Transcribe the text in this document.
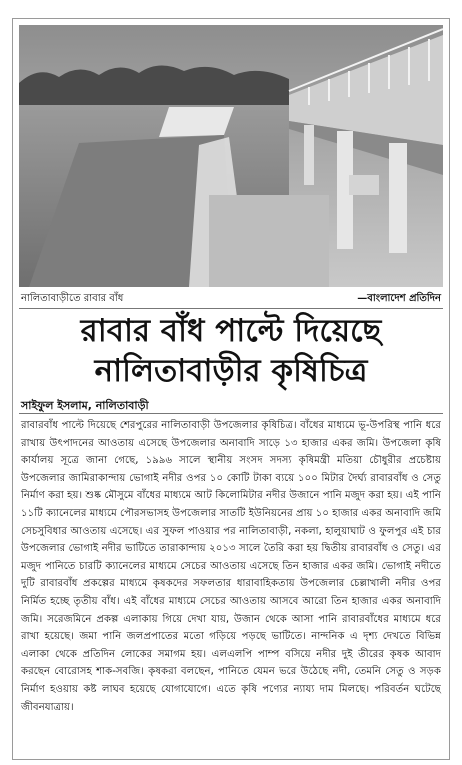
নালিতাবাড়ীতে রাবার বাঁধ	—বাংলাদেশ প্রতিদিন
রাবার বাঁধ পাল্টে দিয়েছে
নালিতাবাড়ীর কৃষিচিত্র
সাইফুল ইসলাম, নালিতাবাড়ী
রাবারবাঁধ পাল্টে দিয়েছে শেরপুরের নালিতাবাড়ী উপজেলার কৃষিচিত্র। বাঁধের মাধ্যমে ভূ-উপরিস্থ পানি ধরে রাখায় উৎপাদনের আওতায় এসেছে উপজেলার অনাবাদি সাড়ে ১৩ হাজার একর জমি। উপজেলা কৃষি কার্যালয় সূত্রে জানা গেছে, ১৯৯৬ সালে স্থানীয় সংসদ সদস্য কৃষিমন্ত্রী মতিয়া চৌধুরীর প্রচেষ্টায় উপজেলার জামিরাকান্দায় ভোগাই নদীর ওপর ১০ কোটি টাকা ব্যয়ে ১০০ মিটার দৈর্ঘ্য রাবারবাঁধ ও সেতু নির্মাণ করা হয়। শুষ্ক মৌসুমে বাঁধের মাধ্যমে আট কিলোমিটার নদীর উজানে পানি মজুদ করা হয়। এই পানি ১১টি ক্যানেলের মাধ্যমে পৌরসভাসহ উপজেলার সাতটি ইউনিয়নের প্রায় ১০ হাজার একর অনাবাদি জমি সেচসুবিধার আওতায় এসেছে। এর সুফল পাওয়ার পর নালিতাবাড়ী, নকলা, হালুয়াঘাট ও ফুলপুর এই চার উপজেলার ভোগাই নদীর ভাটিতে তারাকান্দায় ২০১৩ সালে তৈরি করা হয় দ্বিতীয় রাবারবাঁধ ও সেতু। এর মজুদ পানিতে চারটি ক্যানেলের মাধ্যমে সেচের আওতায় এসেছে তিন হাজার একর জমি। ভোগাই নদীতে দুটি রাবারবাঁধ প্রকল্পের মাধ্যমে কৃষকদের সফলতার ধারাবাহিকতায় উপজেলার চেল্লাখালী নদীর ওপর নির্মিত হচ্ছে তৃতীয় বাঁধ। এই বাঁধের মাধ্যমে সেচের আওতায় আসবে আরো তিন হাজার একর অনাবাদি জমি। সরেজমিনে প্রকল্প এলাকায় গিয়ে দেখা যায়, উজান থেকে আসা পানি রাবারবাঁধের মাধ্যমে ধরে রাখা হয়েছে। জমা পানি জলপ্রপাতের মতো গড়িয়ে পড়ছে ভাটিতে। নান্দনিক এ দৃশ্য দেখতে বিভিন্ন এলাকা থেকে প্রতিদিন লোকের সমাগম হয়। এলএলপি পাম্প বসিয়ে নদীর দুই তীরের কৃষক আবাদ করছেন বোরোসহ শাক-সবজি। কৃষকরা বলছেন, পানিতে যেমন ভরে উঠেছে নদী, তেমনি সেতু ও সড়ক নির্মাণ হওয়ায় কষ্ট লাঘব হয়েছে যোগাযোগে। এতে কৃষি পণ্যের ন্যায্য দাম মিলছে। পরিবর্তন ঘটেছে জীবনযাত্রায়।
